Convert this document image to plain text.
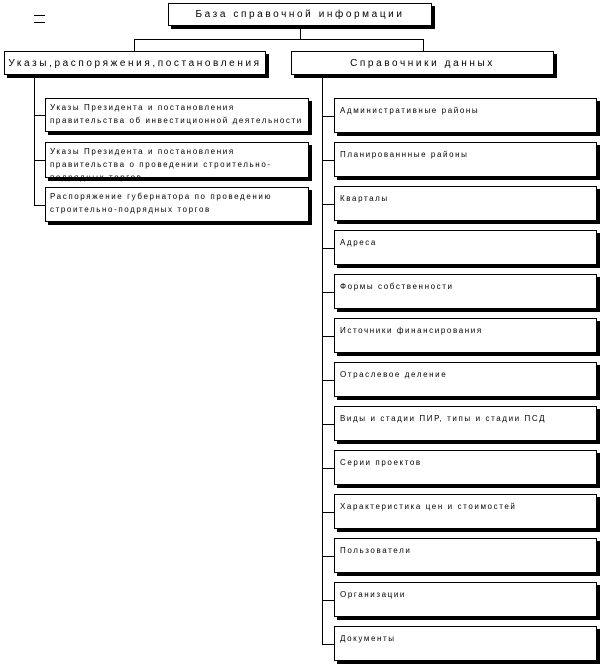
База справочной информации
Указы,распоряжения,постановления	Справочники данных
Указы Президента и постановления правительства об инвестиционной деятельности
Указы Президента и постановления правительства о проведении строительно-подрядных торгов
Распоряжение губернатора по проведению строительно-подрядных торгов
Административные районы
Планированнные районы
Кварталы
Адреса
Формы собственности
Источники финансирования
Отраслевое деление
Виды и стадии ПИР, типы и стадии ПСД
Серии проектов
Характеристика цен и стоимостей
Пользователи
Организации
Документы
